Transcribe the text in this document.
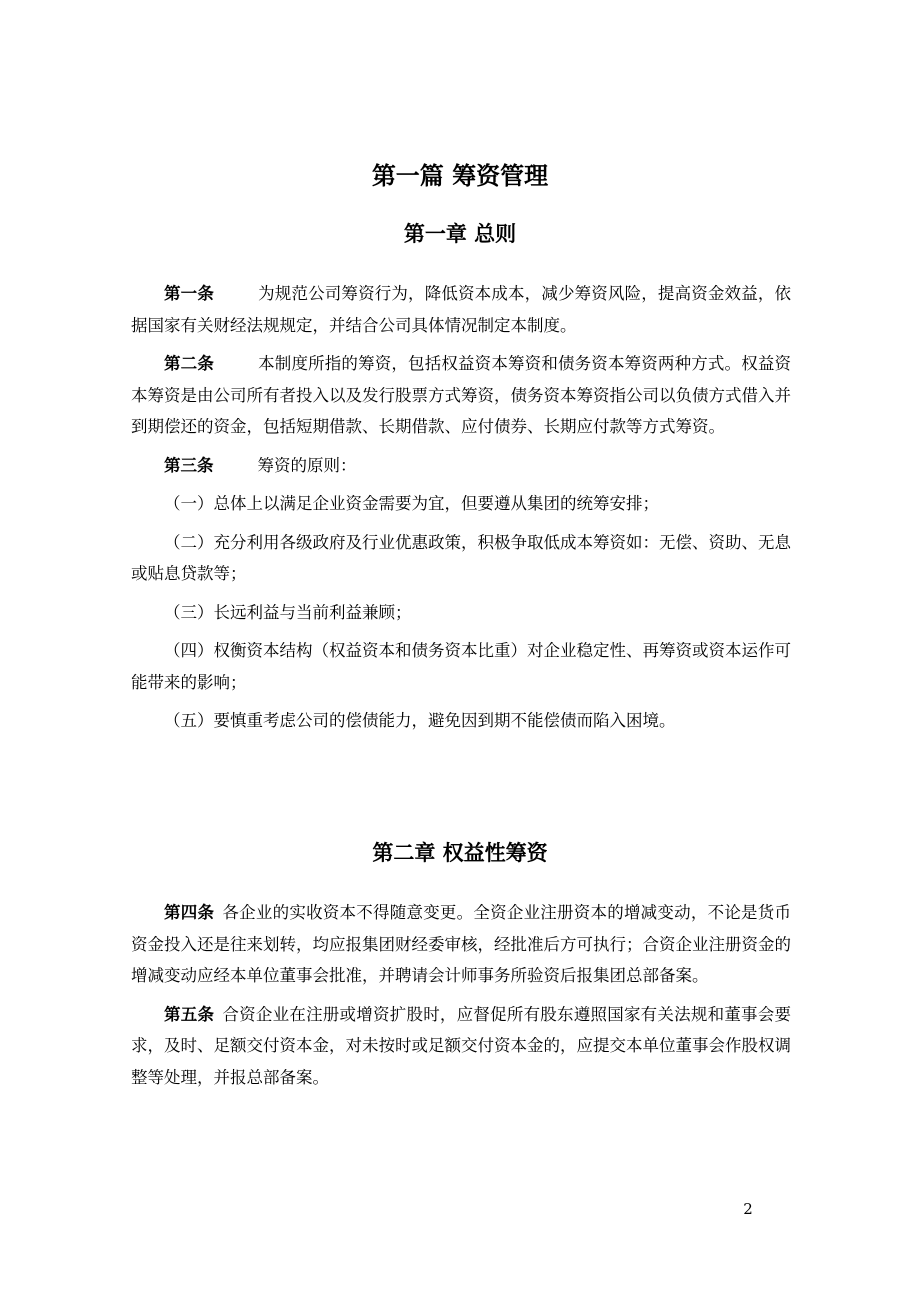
第一篇 筹资管理
第一章 总则

第一条	为规范公司筹资行为，降低资本成本，减少筹资风险，提高资金效益，依据国家有关财经法规规定，并结合公司具体情况制定本制度。

第二条	本制度所指的筹资，包括权益资本筹资和债务资本筹资两种方式。权益资本筹资是由公司所有者投入以及发行股票方式筹资，债务资本筹资指公司以负债方式借入并到期偿还的资金，包括短期借款、长期借款、应付债券、长期应付款等方式筹资。

第三条	筹资的原则：

（一）总体上以满足企业资金需要为宜，但要遵从集团的统筹安排；

（二）充分利用各级政府及行业优惠政策，积极争取低成本筹资如：无偿、资助、无息或贴息贷款等；

（三）长远利益与当前利益兼顾；

（四）权衡资本结构（权益资本和债务资本比重）对企业稳定性、再筹资或资本运作可能带来的影响；

（五）要慎重考虑公司的偿债能力，避免因到期不能偿债而陷入困境。

第二章 权益性筹资

第四条 各企业的实收资本不得随意变更。全资企业注册资本的增减变动，不论是货币资金投入还是往来划转，均应报集团财经委审核，经批准后方可执行；合资企业注册资金的增减变动应经本单位董事会批准，并聘请会计师事务所验资后报集团总部备案。

第五条 合资企业在注册或增资扩股时，应督促所有股东遵照国家有关法规和董事会要求，及时、足额交付资本金，对未按时或足额交付资本金的，应提交本单位董事会作股权调整等处理，并报总部备案。

2
